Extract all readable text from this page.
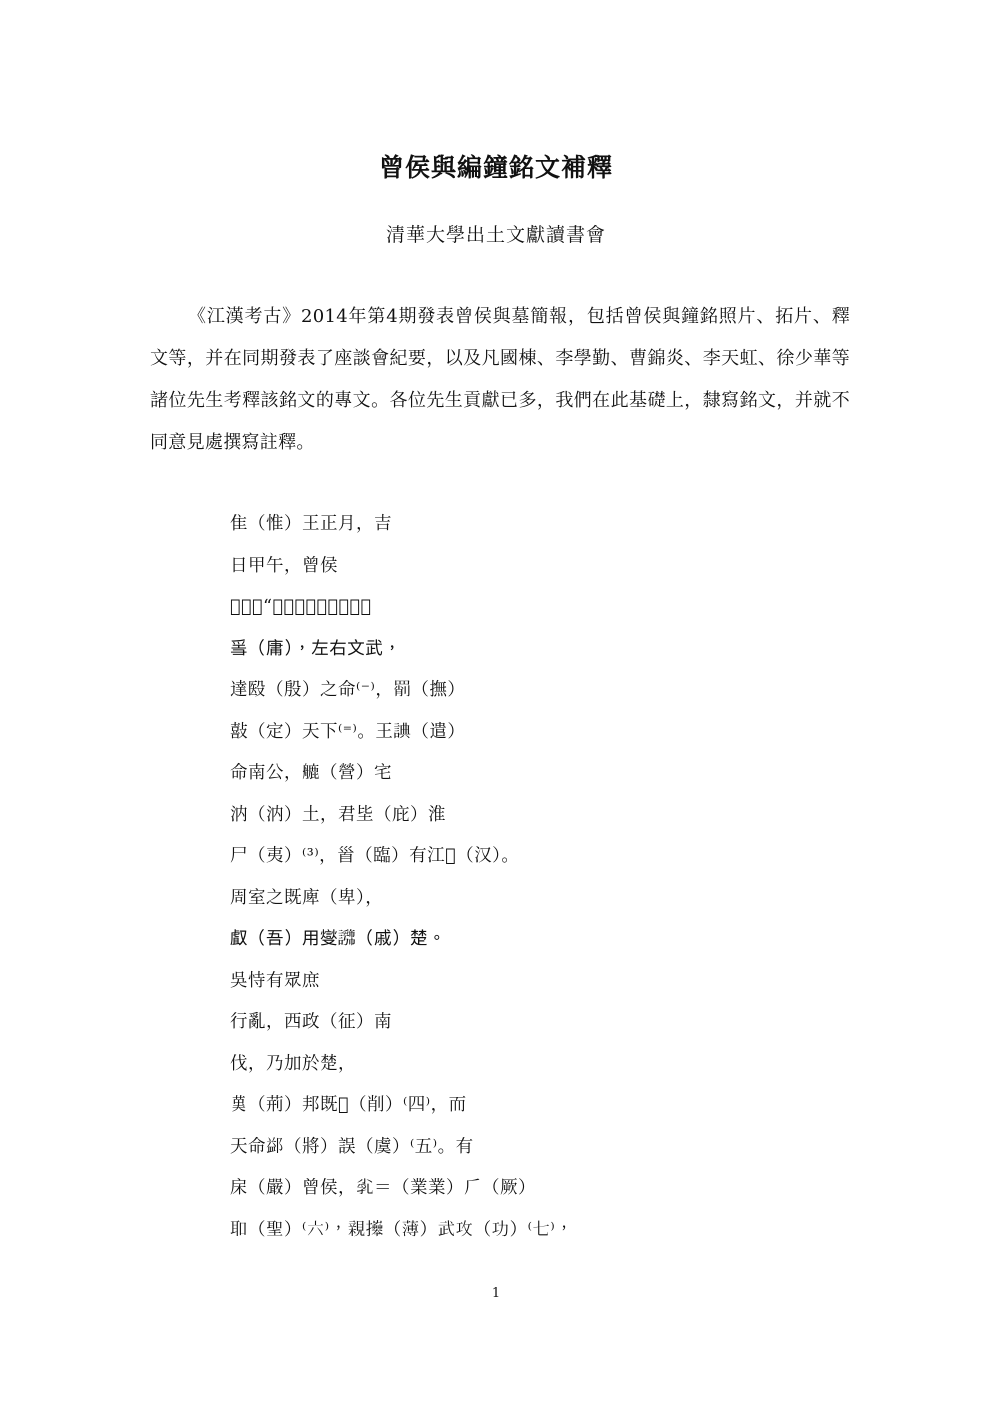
曾侯與編鐘銘文補釋
清華大學出土文獻讀書會
《江漢考古》2014年第4期發表曾侯與墓簡報，包括曾侯與鐘銘照片、拓片、釋文等，并在同期發表了座談會紀要，以及凡國棟、李學勤、曹錦炎、李天虹、徐少華等諸位先生考釋該銘文的專文。各位先生貢獻已多，我們在此基礎上，隸寫銘文，并就不同意見處撰寫註釋。
隹（惟）王正月，吉
日甲午，曾侯
𦝍曰：“白（伯）𥫗（括）上
𤔌（庸），左右文武，
達殹（殷）之命⁽⁻⁾，𦋞（撫）
敼（定）天下⁽⁼⁾。王𧨸（遣）
命南公，𦪇（營）宅
汭（汭）土，君坒（庇）淮
尸（夷）⁽³⁾，𩠐（臨）有江𩑜（汉）。
周室之既庳（卑），
𠭯（吾）用燮𧭕（戚）楚。
吳恃有眾庶
行亂，西政（征）南
伐，乃加於楚，
𦰩（荊）邦既𧴀（削）⁽四⁾，而
天命𨜶（將）誤（虞）⁽五⁾。有
㦿（嚴）曾侯，𡭾＝（業業）𠂆（厥）
𦔻（聖）⁽六⁾，親𢷎（薄）武攻（功）⁽七⁾，
1
